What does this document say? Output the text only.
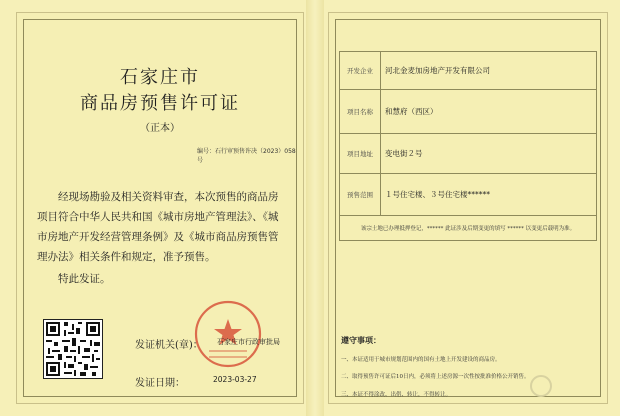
石家庄市
商品房预售许可证
（正本）
编号：石行审预售许决（2023）058号

经现场勘验及相关资料审查，本次预售的商品房项目符合中华人民共和国《城市房地产管理法》、《城市房地产开发经营管理条例》及《城市商品房预售管理办法》相关条件和规定，准予预售。

特此发证。

发证机关(章)： 石家庄市行政审批局
发证日期：	2023-03-27
开发企业	河北金麦加房地产开发有限公司
项目名称	和慧府（西区）
项目地址	变电街２号
预售范围	１号住宅楼、３号住宅楼******
该宗土地已办理抵押登记，****** 此证涉及后期变更的填写 ****** 以变更后载明为准。	
遵守事项：
一、本证适用于城市规划范围内的国有土地上开发建设的商品房。
二、取得预售许可证后10日内，必须将上述房源一次性按批准价格公开销售。
三、本证不得涂改、出借、转让，不得转让。
